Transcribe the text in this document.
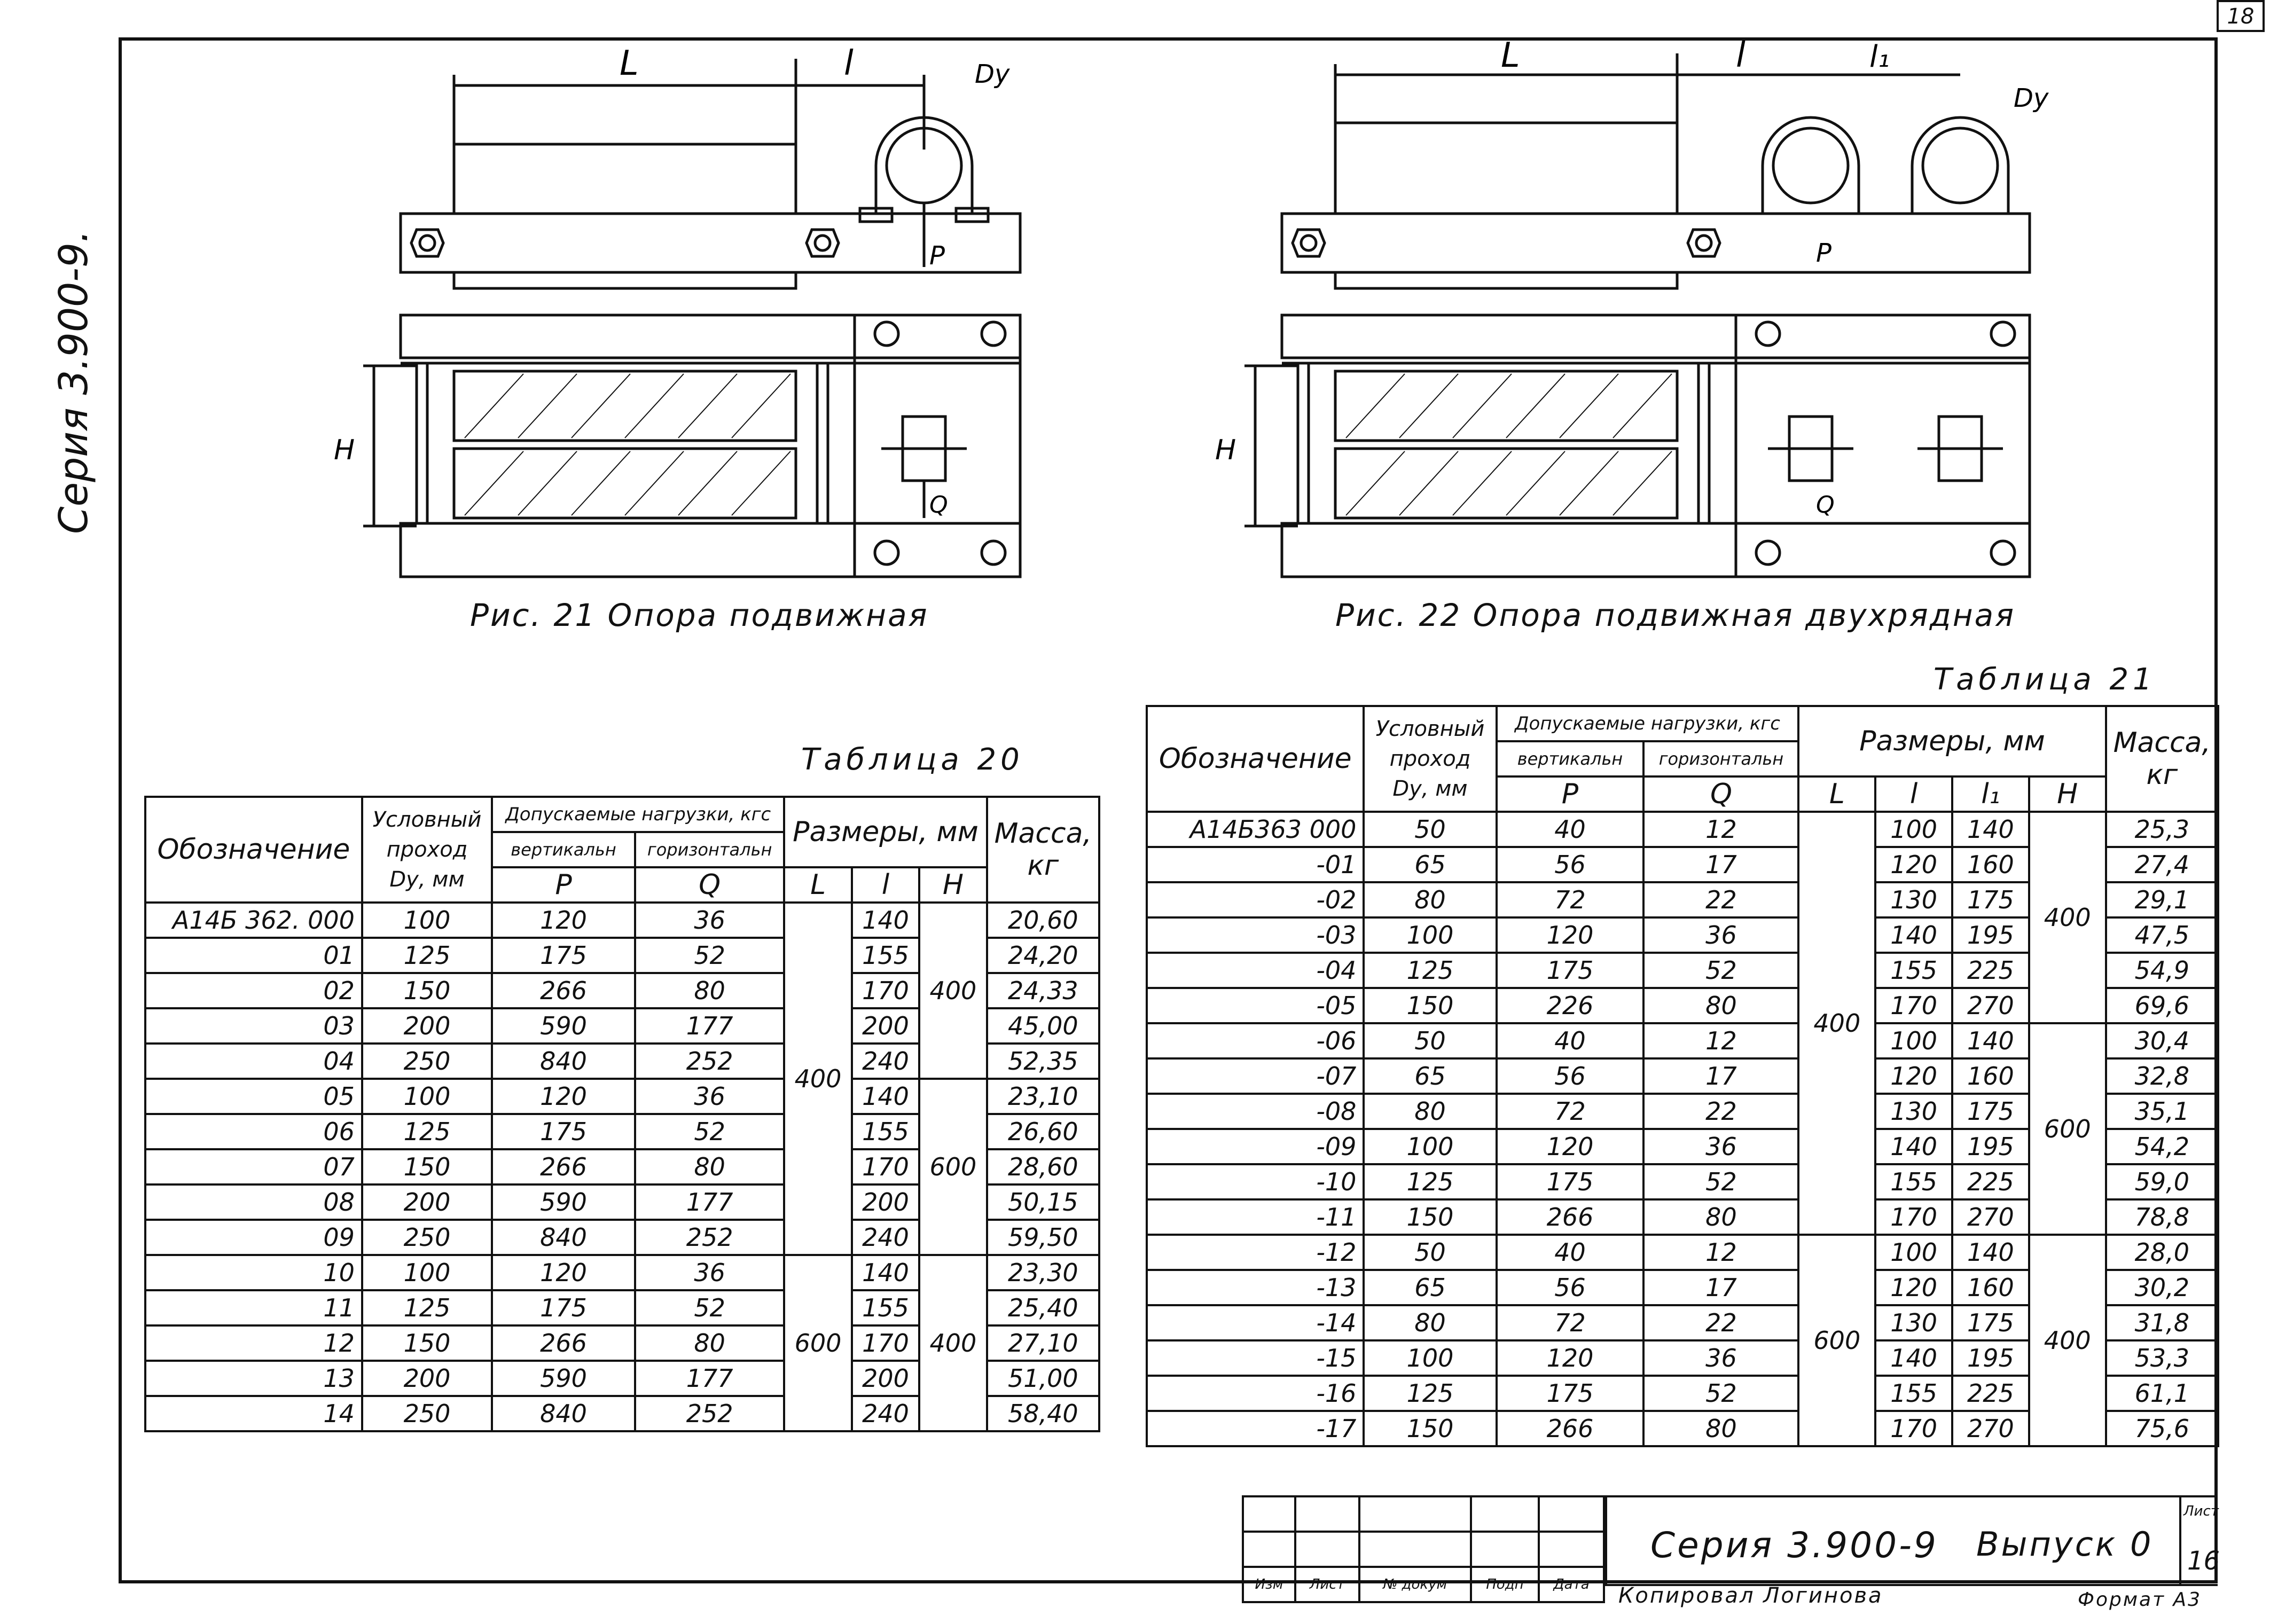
18
Серия 3.900-9.
L	l	Dy
P
H
Q
Рис. 21 Опора подвижная
L	l	l₁
Dy
P
H
Q
Рис. 22 Опора подвижная двухрядная
Таблица 20
Обозначение	Условный
проход
Dу, мм	Допускаемые нагрузки, кгс		Размеры, мм			Масса,
кг
		вертикальн	горизонтальн				
		P	Q	L	l	H	
А14Б 362. 000	100	120	36	400	140	400	20,60
01	125	175	52		155		24,20
02	150	266	80		170		24,33
03	200	590	177		200		45,00
04	250	840	252		240		52,35
05	100	120	36		140	600	23,10
06	125	175	52		155		26,60
07	150	266	80		170		28,60
08	200	590	177		200		50,15
09	250	840	252		240		59,50
10	100	120	36	600	140	400	23,30
11	125	175	52		155		25,40
12	150	266	80		170		27,10
13	200	590	177		200		51,00
14	250	840	252		240		58,40
Таблица 21
Обозначение	Условный
проход
Dу, мм	Допускаемые нагрузки, кгс		Размеры, мм				Масса,
кг
		вертикальн	горизонтальн					
		P	Q	L	l	l₁	H	
А14Б363 000	50	40	12	400	100	140	400	25,3
-01	65	56	17		120	160		27,4
-02	80	72	22		130	175		29,1
-03	100	120	36		140	195		47,5
-04	125	175	52		155	225		54,9
-05	150	226	80		170	270		69,6
-06	50	40	12		100	140	600	30,4
-07	65	56	17		120	160		32,8
-08	80	72	22		130	175		35,1
-09	100	120	36		140	195		54,2
-10	125	175	52		155	225		59,0
-11	150	266	80		170	270		78,8
-12	50	40	12	600	100	140	400	28,0
-13	65	56	17		120	160		30,2
-14	80	72	22		130	175		31,8
-15	100	120	36		140	195		53,3
-16	125	175	52		155	225		61,1
-17	150	266	80		170	270		75,6

Изм	Лист	№ докум	Подп	Дата
Серия 3.900-9 Выпуск 0
Лист
16
Копировал Логинова	Формат А3
